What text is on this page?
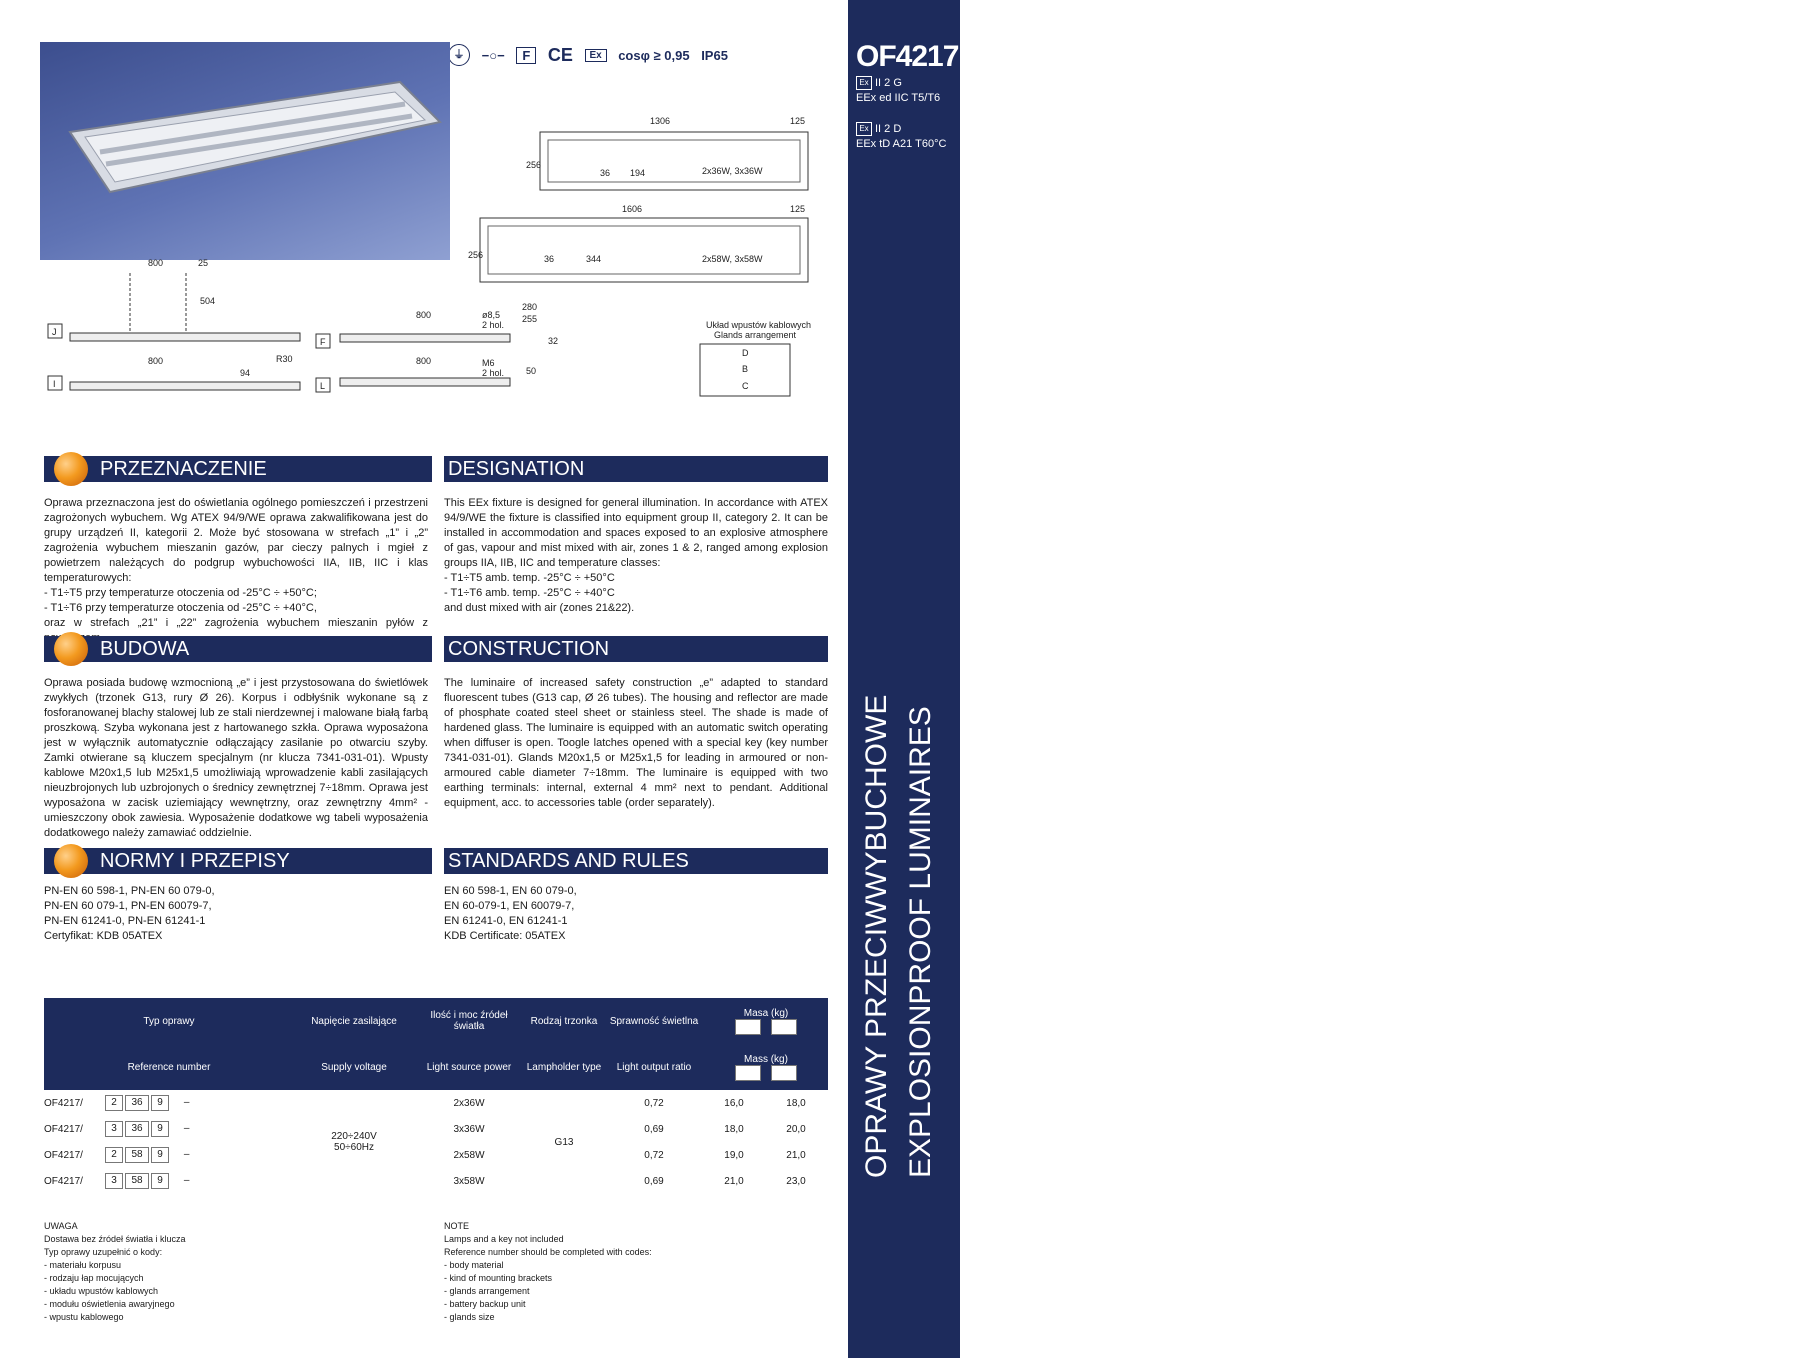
OF4217
Ex II 2 G
EEx ed IIC T5/T6
Ex II 2 D
EEx tD A21 T60°C
3
OPRAWY PRZECIWWYBUCHOWE EXPLOSIONPROOF LUMINAIRES
⏚ −○− F CE Ex cosφ ≥ 0,95 IP65
1306	125
256
36 194	2x36W, 3x36W
1606	125
256	36	344	2x58W, 3x58W
J
I
800	25
504
800
94
R30
F
L
800
800
ø8,5
2 hol.
M6
2 hol.
280
255
32
50
Układ wpustów kablowych
Glands arrangement
D
B
C
PRZEZNACZENIE	DESIGNATION

Oprawa przeznaczona jest do oświetlania ogólnego pomieszczeń i przestrzeni zagrożonych wybuchem. Wg ATEX 94/9/WE oprawa zakwalifikowana jest do grupy urządzeń II, kategorii 2. Może być stosowana w strefach „1” i „2” zagrożenia wybuchem mieszanin gazów, par cieczy palnych i mgieł z powietrzem należących do podgrup wybuchowości IIA, IIB, IIC i klas temperaturowych:

- T1÷T5 przy temperaturze otoczenia od -25°C ÷ +50°C;

- T1÷T6 przy temperaturze otoczenia od -25°C ÷ +40°C,

oraz w strefach „21” i „22” zagrożenia wybuchem mieszanin pyłów z

This EEx fixture is designed for general illumination. In accordance with ATEX 94/9/WE the fixture is classified into equipment group II, category 2. It can be installed in accommodation and spaces exposed to an explosive atmosphere of gas, vapour and mist mixed with air, zones 1 & 2, ranged among explosion groups IIA, IIB, IIC and temperature classes:

- T1÷T5 amb. temp. -25°C ÷ +50°C

- T1÷T6 amb. temp. -25°C ÷ +40°C

and dust mixed with air (zones 21&22).

BUDOWA	CONSTRUCTION

Oprawa posiada budowę wzmocnioną „e” i jest przystosowana do świetlówek zwykłych (trzonek G13, rury Ø 26). Korpus i odbłyśnik wykonane są z fosforanowanej blachy stalowej lub ze stali nierdzewnej i malowane białą farbą proszkową. Szyba wykonana jest z hartowanego szkła. Oprawa wyposażona jest w wyłącznik automatycznie odłączający zasilanie po otwarciu szyby. Zamki otwierane są kluczem specjalnym (nr klucza 7341-031-01). Wpusty kablowe M20x1,5 lub M25x1,5 umożliwiają wprowadzenie kabli zasilających nieuzbrojonych lub uzbrojonych o średnicy zewnętrznej 7÷18mm. Oprawa jest wyposażona w zacisk uziemiający wewnętrzny, oraz zewnętrzny 4mm² - umieszczony obok zawiesia. Wyposażenie dodatkowe wg tabeli wyposażenia dodatkowego należy zamawiać oddzielnie.

The luminaire of increased safety construction „e” adapted to standard fluorescent tubes (G13 cap, Ø 26 tubes). The housing and reflector are made of phosphate coated steel sheet or stainless steel. The shade is made of hardened glass. The luminaire is equipped with an automatic switch operating when diffuser is open. Toogle latches opened with a special key (key number 7341-031-01). Glands M20x1,5 or M25x1,5 for leading in armoured or non-armoured cable diameter 7÷18mm. The luminaire is equipped with two earthing terminals: internal, external 4 mm² next to pendant. Additional equipment, acc. to accessories table (order separately).

NORMY I PRZEPISY	STANDARDS AND RULES

PN-EN 60 598-1, PN-EN 60 079-0,

PN-EN 60 079-1, PN-EN 60079-7,

PN-EN 61241-0, PN-EN 61241-1

Certyfikat: KDB 05ATEX

EN 60 598-1, EN 60 079-0,

EN 60-079-1, EN 60079-7,

EN 61241-0, EN 61241-1

KDB Certificate: 05ATEX

Typ oprawy		Napięcie zasilające	Ilość i moc źródeł światła	Rodzaj trzonka	Sprawność świetlna	Masa (kg)
AX A3	

Reference number		Supply voltage	Light source power	Lampholder type	Light output ratio	Mass (kg)
AX A3	

OF4217/	2 36 9 –	220÷240V
50÷60Hz	2x36W	G13	0,72	16,0	18,0
OF4217/	3 36 9 –		3x36W		0,69	18,0	20,0
OF4217/	2 58 9 –		2x58W		0,72	19,0	21,0
OF4217/	3 58 9 –		3x58W		0,69	21,0	23,0
UWAGA
Dostawa bez źródeł światła i klucza
Typ oprawy uzupełnić o kody:
- materiału korpusu
- rodzaju łap mocujących
- układu wpustów kablowych
- modułu oświetlenia awaryjnego
- wpustu kablowego
NOTE
Lamps and a key not included
Reference number should be completed with codes:
- body material
- kind of mounting brackets
- glands arrangement
- battery backup unit
- glands size
